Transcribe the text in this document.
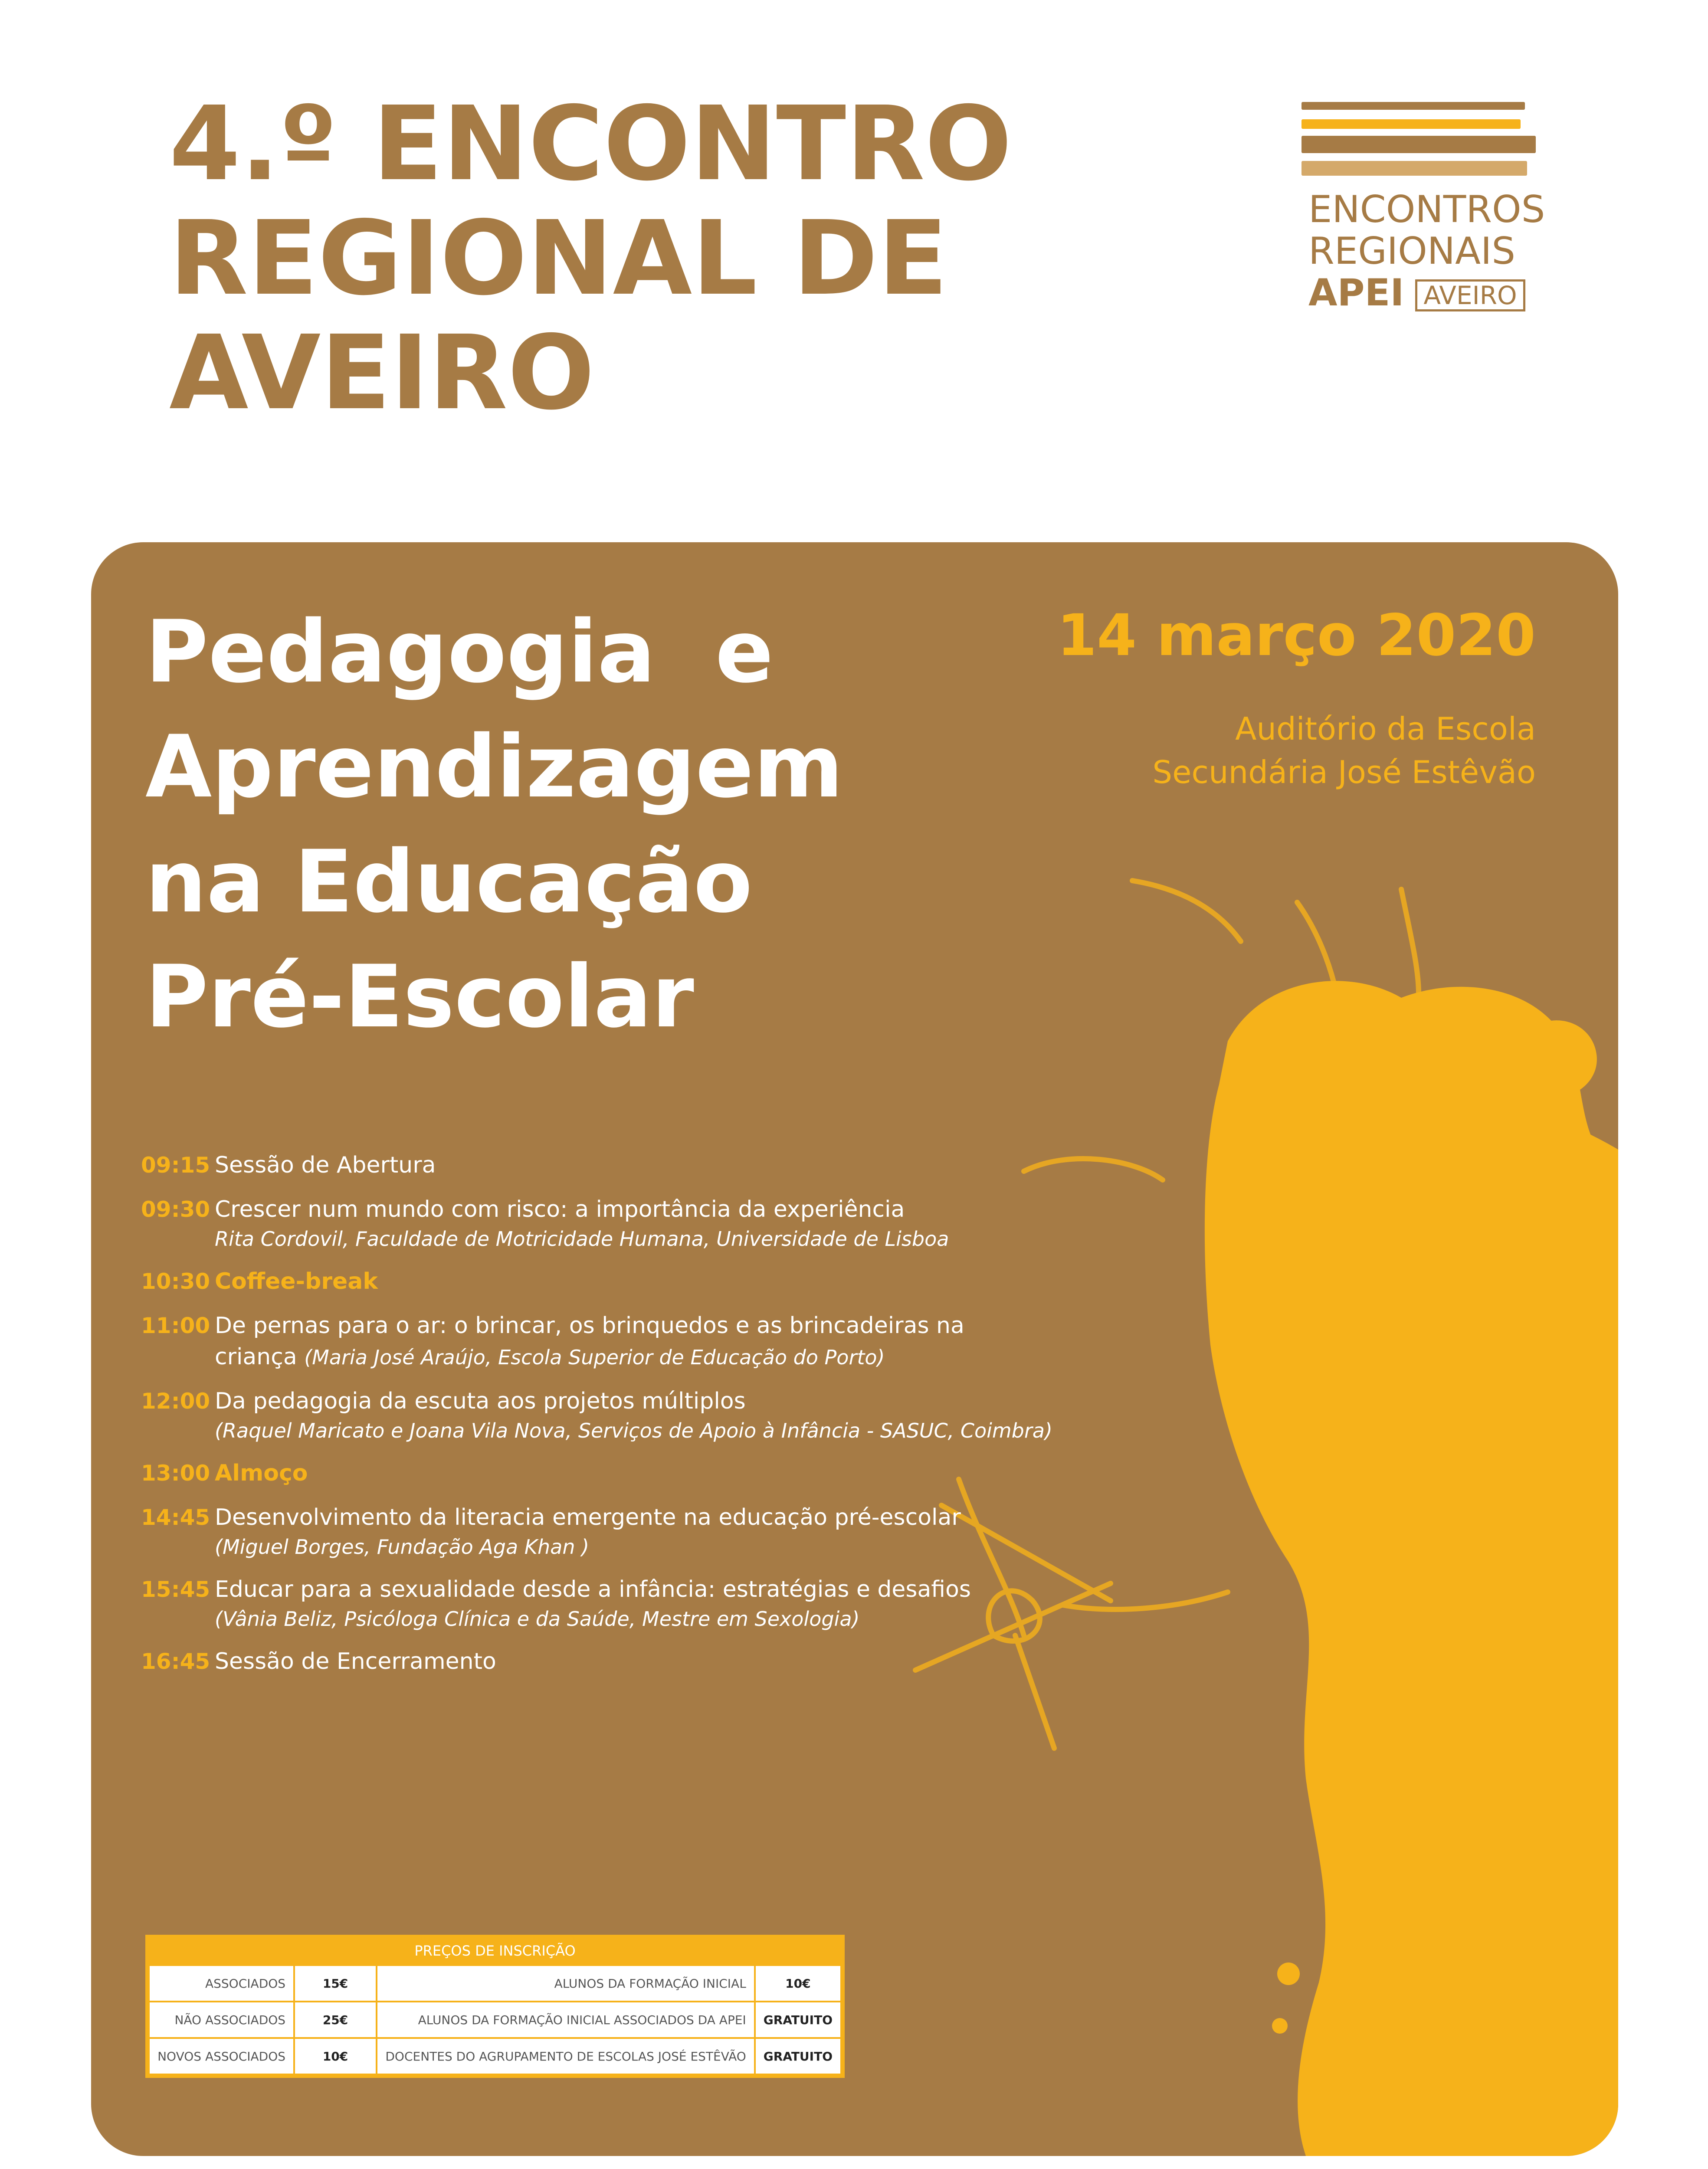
4.º ENCONTRO
REGIONAL DE
AVEIRO
ENCONTROS
REGIONAIS
APEI AVEIRO
Pedagogia  e
Aprendizagem
na Educação
Pré-Escolar
14 março 2020
Auditório da Escola
Secundária José Estêvão
09:15 Sessão de Abertura
09:30 Crescer num mundo com risco: a importância da experiência
Rita Cordovil, Faculdade de Motricidade Humana, Universidade de Lisboa
10:30 Coffee-break
11:00 De pernas para o ar: o brincar, os brinquedos e as brincadeiras na criança (Maria José Araújo, Escola Superior de Educação do Porto)
12:00 Da pedagogia da escuta aos projetos múltiplos
(Raquel Maricato e Joana Vila Nova, Serviços de Apoio à Infância - SASUC, Coimbra)
13:00 Almoço
14:45 Desenvolvimento da literacia emergente na educação pré-escolar
(Miguel Borges, Fundação Aga Khan )
15:45 Educar para a sexualidade desde a infância: estratégias e desafios
(Vânia Beliz, Psicóloga Clínica e da Saúde, Mestre em Sexologia)
16:45 Sessão de Encerramento
PREÇOS DE INSCRIÇÃO
ASSOCIADOS	15€	ALUNOS DA FORMAÇÃO INICIAL	10€
NÃO ASSOCIADOS	25€	ALUNOS DA FORMAÇÃO INICIAL ASSOCIADOS DA APEI	GRATUITO
NOVOS ASSOCIADOS	10€	DOCENTES DO AGRUPAMENTO DE ESCOLAS JOSÉ ESTÊVÃO	GRATUITO
